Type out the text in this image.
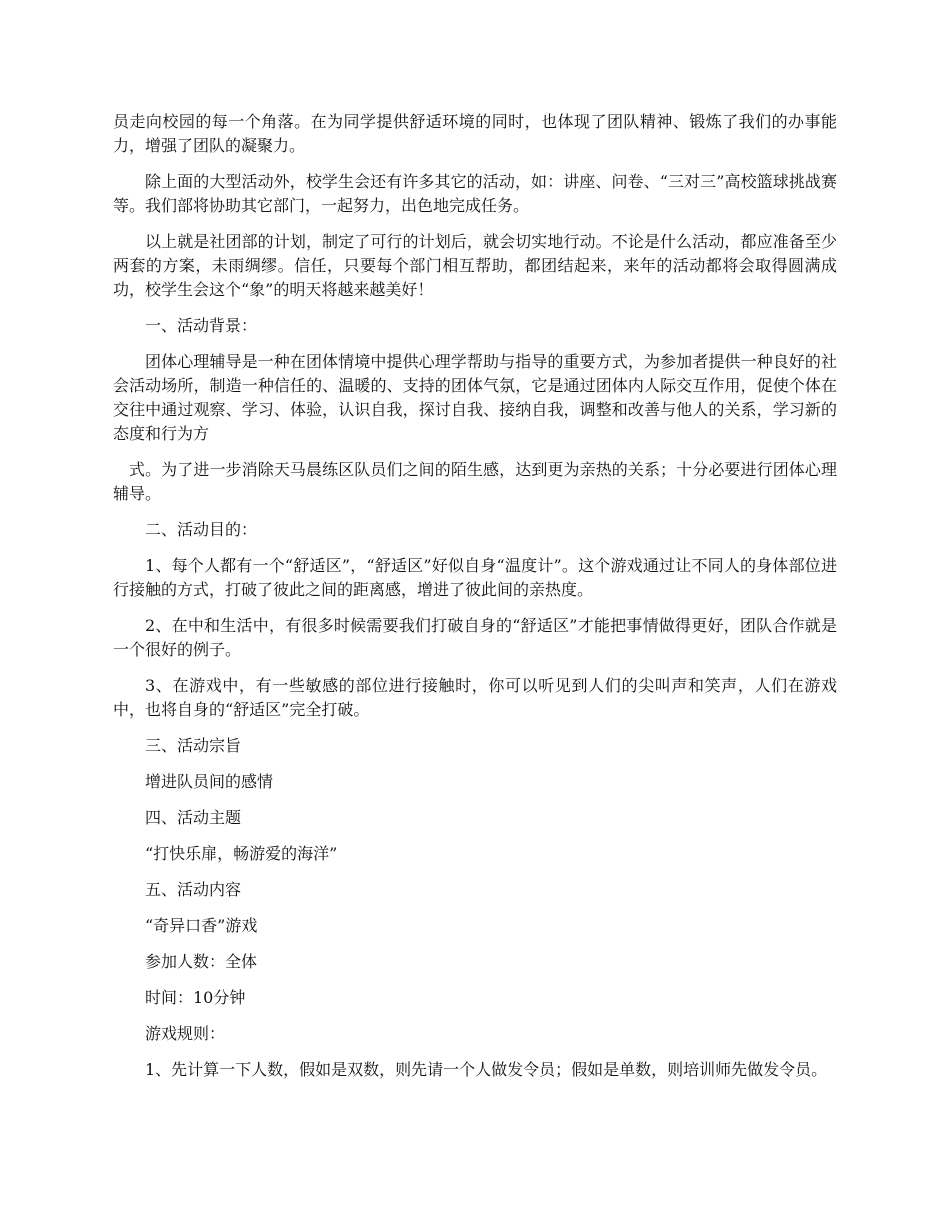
员走向校园的每一个角落。在为同学提供舒适环境的同时，也体现了团队精神、锻炼了我们的办事能力，增强了团队的凝聚力。

除上面的大型活动外，校学生会还有许多其它的活动，如：讲座、问卷、“三对三”高校篮球挑战赛等。我们部将协助其它部门，一起努力，出色地完成任务。

以上就是社团部的计划，制定了可行的计划后，就会切实地行动。不论是什么活动，都应准备至少两套的方案，未雨绸缪。信任，只要每个部门相互帮助，都团结起来，来年的活动都将会取得圆满成功，校学生会这个“象”的明天将越来越美好！

一、活动背景：

团体心理辅导是一种在团体情境中提供心理学帮助与指导的重要方式，为参加者提供一种良好的社会活动场所，制造一种信任的、温暖的、支持的团体气氛，它是通过团体内人际交互作用，促使个体在交往中通过观察、学习、体验，认识自我，探讨自我、接纳自我，调整和改善与他人的关系，学习新的态度和行为方

式。为了进一步消除天马晨练区队员们之间的陌生感，达到更为亲热的关系；十分必要进行团体心理辅导。

二、活动目的：

1、每个人都有一个“舒适区”，“舒适区”好似自身“温度计”。这个游戏通过让不同人的身体部位进行接触的方式，打破了彼此之间的距离感，增进了彼此间的亲热度。

2、在中和生活中，有很多时候需要我们打破自身的“舒适区”才能把事情做得更好，团队合作就是一个很好的例子。

3、在游戏中，有一些敏感的部位进行接触时，你可以听见到人们的尖叫声和笑声，人们在游戏中，也将自身的“舒适区”完全打破。

三、活动宗旨

增进队员间的感情

四、活动主题

“打快乐扉，畅游爱的海洋”

五、活动内容

“奇异口香”游戏

参加人数：全体

时间：10分钟

游戏规则：

1、先计算一下人数，假如是双数，则先请一个人做发令员；假如是单数，则培训师先做发令员。
